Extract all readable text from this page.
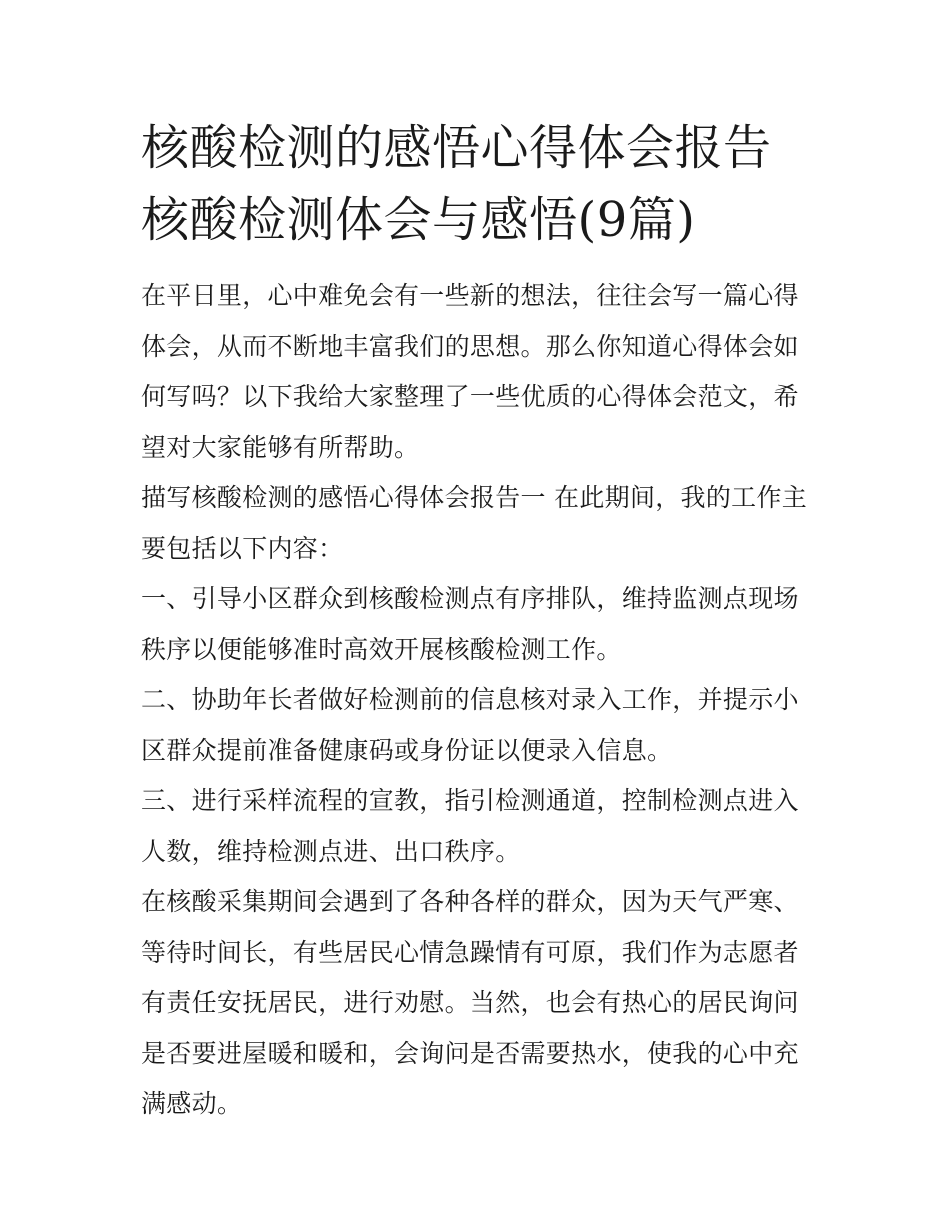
核酸检测的感悟心得体会报告
核酸检测体会与感悟(9篇)

在平日里，心中难免会有一些新的想法，往往会写一篇心得体会，从而不断地丰富我们的思想。那么你知道心得体会如何写吗？以下我给大家整理了一些优质的心得体会范文，希望对大家能够有所帮助。

描写核酸检测的感悟心得体会报告一 在此期间，我的工作主要包括以下内容：

一、引导小区群众到核酸检测点有序排队，维持监测点现场秩序以便能够准时高效开展核酸检测工作。

二、协助年长者做好检测前的信息核对录入工作，并提示小区群众提前准备健康码或身份证以便录入信息。

三、进行采样流程的宣教，指引检测通道，控制检测点进入人数，维持检测点进、出口秩序。

在核酸采集期间会遇到了各种各样的群众，因为天气严寒、等待时间长，有些居民心情急躁情有可原，我们作为志愿者有责任安抚居民，进行劝慰。当然，也会有热心的居民询问是否要进屋暖和暖和，会询问是否需要热水，使我的心中充满感动。
